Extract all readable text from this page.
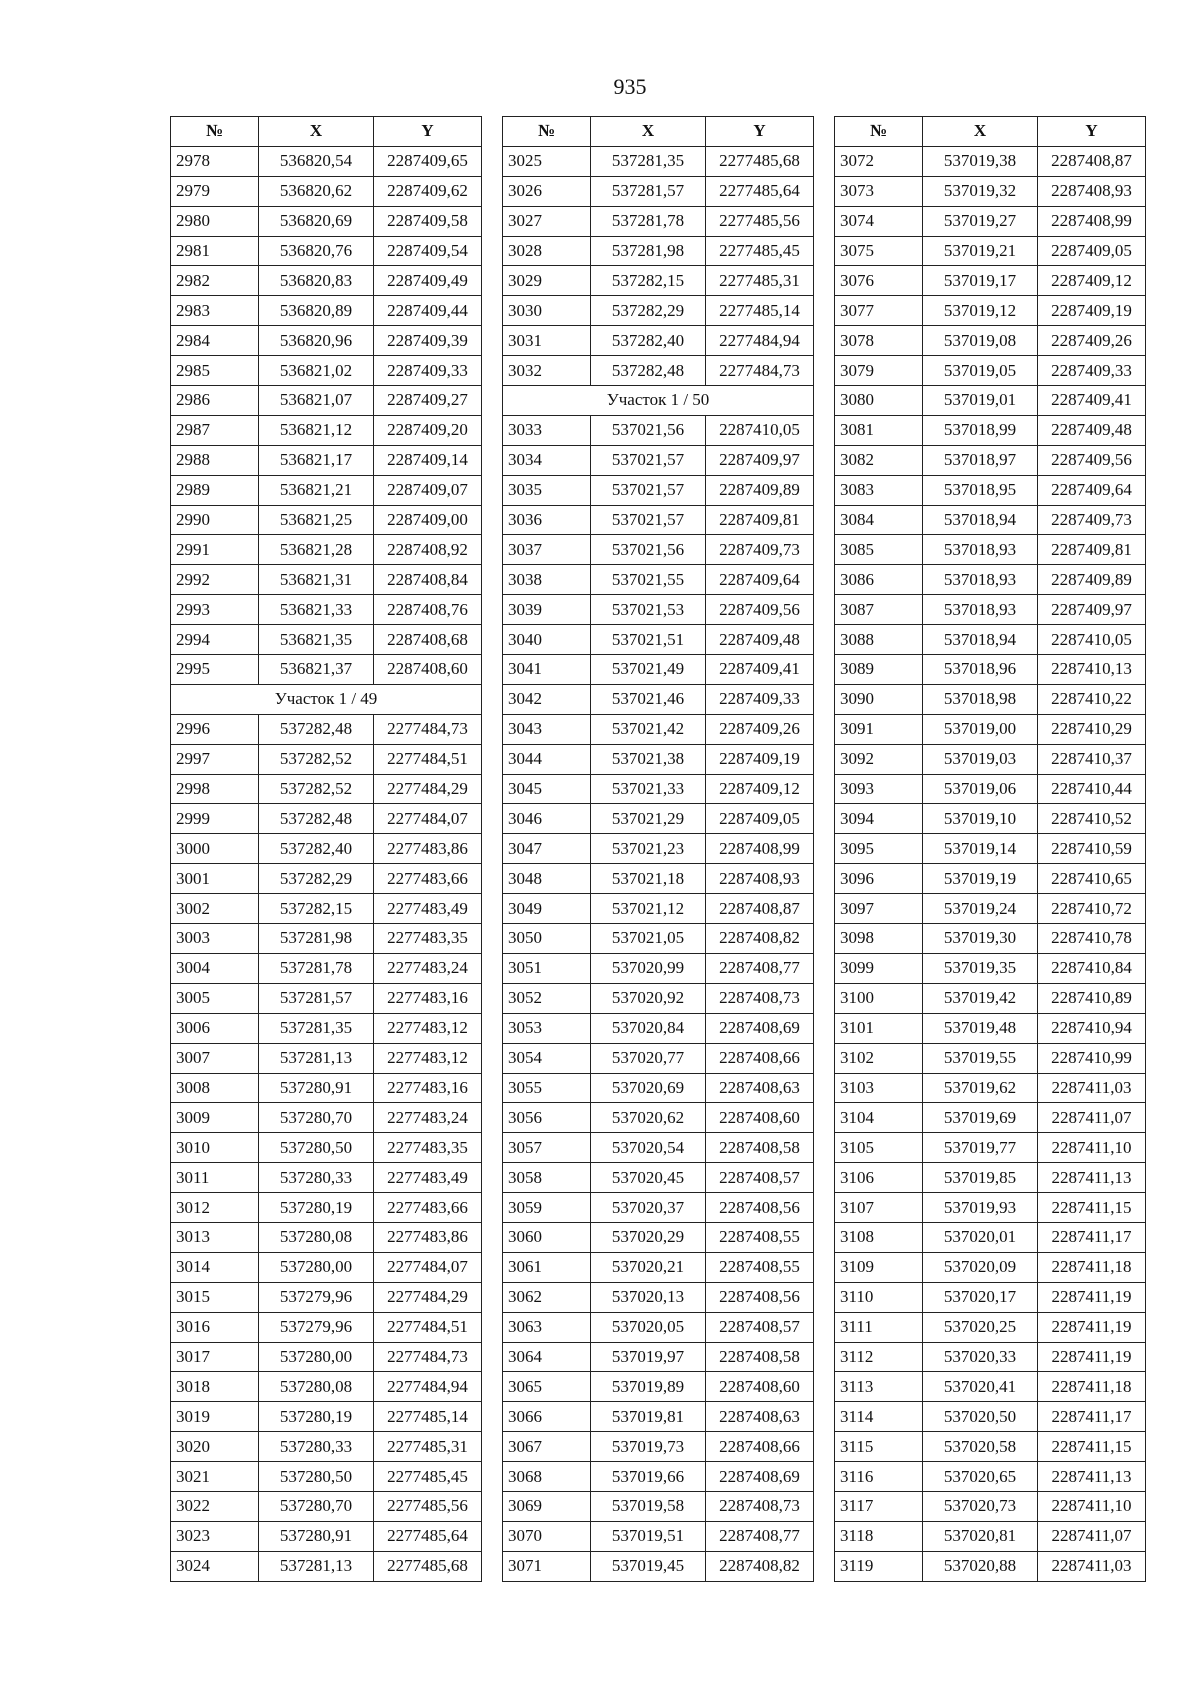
935
№	X	Y
2978	536820,54	2287409,65
2979	536820,62	2287409,62
2980	536820,69	2287409,58
2981	536820,76	2287409,54
2982	536820,83	2287409,49
2983	536820,89	2287409,44
2984	536820,96	2287409,39
2985	536821,02	2287409,33
2986	536821,07	2287409,27
2987	536821,12	2287409,20
2988	536821,17	2287409,14
2989	536821,21	2287409,07
2990	536821,25	2287409,00
2991	536821,28	2287408,92
2992	536821,31	2287408,84
2993	536821,33	2287408,76
2994	536821,35	2287408,68
2995	536821,37	2287408,60
Участок 1 / 49		
2996	537282,48	2277484,73
2997	537282,52	2277484,51
2998	537282,52	2277484,29
2999	537282,48	2277484,07
3000	537282,40	2277483,86
3001	537282,29	2277483,66
3002	537282,15	2277483,49
3003	537281,98	2277483,35
3004	537281,78	2277483,24
3005	537281,57	2277483,16
3006	537281,35	2277483,12
3007	537281,13	2277483,12
3008	537280,91	2277483,16
3009	537280,70	2277483,24
3010	537280,50	2277483,35
3011	537280,33	2277483,49
3012	537280,19	2277483,66
3013	537280,08	2277483,86
3014	537280,00	2277484,07
3015	537279,96	2277484,29
3016	537279,96	2277484,51
3017	537280,00	2277484,73
3018	537280,08	2277484,94
3019	537280,19	2277485,14
3020	537280,33	2277485,31
3021	537280,50	2277485,45
3022	537280,70	2277485,56
3023	537280,91	2277485,64
3024	537281,13	2277485,68
№	X	Y
3025	537281,35	2277485,68
3026	537281,57	2277485,64
3027	537281,78	2277485,56
3028	537281,98	2277485,45
3029	537282,15	2277485,31
3030	537282,29	2277485,14
3031	537282,40	2277484,94
3032	537282,48	2277484,73
Участок 1 / 50		
3033	537021,56	2287410,05
3034	537021,57	2287409,97
3035	537021,57	2287409,89
3036	537021,57	2287409,81
3037	537021,56	2287409,73
3038	537021,55	2287409,64
3039	537021,53	2287409,56
3040	537021,51	2287409,48
3041	537021,49	2287409,41
3042	537021,46	2287409,33
3043	537021,42	2287409,26
3044	537021,38	2287409,19
3045	537021,33	2287409,12
3046	537021,29	2287409,05
3047	537021,23	2287408,99
3048	537021,18	2287408,93
3049	537021,12	2287408,87
3050	537021,05	2287408,82
3051	537020,99	2287408,77
3052	537020,92	2287408,73
3053	537020,84	2287408,69
3054	537020,77	2287408,66
3055	537020,69	2287408,63
3056	537020,62	2287408,60
3057	537020,54	2287408,58
3058	537020,45	2287408,57
3059	537020,37	2287408,56
3060	537020,29	2287408,55
3061	537020,21	2287408,55
3062	537020,13	2287408,56
3063	537020,05	2287408,57
3064	537019,97	2287408,58
3065	537019,89	2287408,60
3066	537019,81	2287408,63
3067	537019,73	2287408,66
3068	537019,66	2287408,69
3069	537019,58	2287408,73
3070	537019,51	2287408,77
3071	537019,45	2287408,82
№	X	Y
3072	537019,38	2287408,87
3073	537019,32	2287408,93
3074	537019,27	2287408,99
3075	537019,21	2287409,05
3076	537019,17	2287409,12
3077	537019,12	2287409,19
3078	537019,08	2287409,26
3079	537019,05	2287409,33
3080	537019,01	2287409,41
3081	537018,99	2287409,48
3082	537018,97	2287409,56
3083	537018,95	2287409,64
3084	537018,94	2287409,73
3085	537018,93	2287409,81
3086	537018,93	2287409,89
3087	537018,93	2287409,97
3088	537018,94	2287410,05
3089	537018,96	2287410,13
3090	537018,98	2287410,22
3091	537019,00	2287410,29
3092	537019,03	2287410,37
3093	537019,06	2287410,44
3094	537019,10	2287410,52
3095	537019,14	2287410,59
3096	537019,19	2287410,65
3097	537019,24	2287410,72
3098	537019,30	2287410,78
3099	537019,35	2287410,84
3100	537019,42	2287410,89
3101	537019,48	2287410,94
3102	537019,55	2287410,99
3103	537019,62	2287411,03
3104	537019,69	2287411,07
3105	537019,77	2287411,10
3106	537019,85	2287411,13
3107	537019,93	2287411,15
3108	537020,01	2287411,17
3109	537020,09	2287411,18
3110	537020,17	2287411,19
3111	537020,25	2287411,19
3112	537020,33	2287411,19
3113	537020,41	2287411,18
3114	537020,50	2287411,17
3115	537020,58	2287411,15
3116	537020,65	2287411,13
3117	537020,73	2287411,10
3118	537020,81	2287411,07
3119	537020,88	2287411,03
